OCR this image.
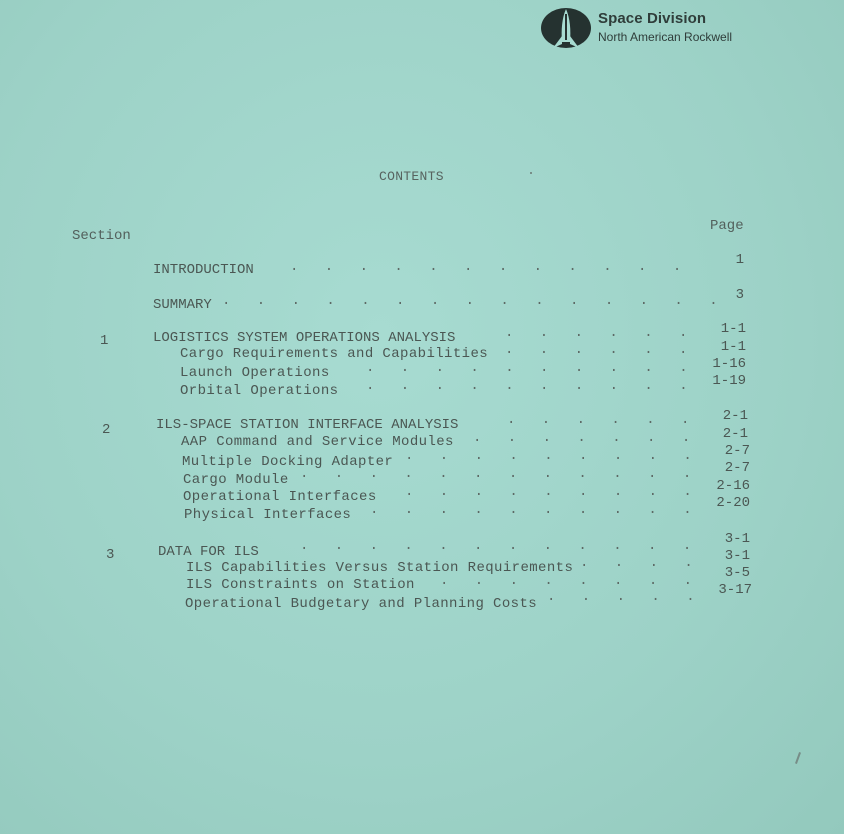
Space Division
North American Rockwell
CONTENTS
Section
Page
INTRODUCTION	. . . . . . . . . . . .	1
SUMMARY . . . . . . . . . . . . . . . 3
1	LOGISTICS SYSTEM OPERATIONS ANALYSIS	. . . . . .	1-1
Cargo Requirements and Capabilities . . . . . .	1-1
Launch Operations	. . . . . . . . . .	1-16
Orbital Operations . . . . . . . . . .	1-19
2	ILS-SPACE STATION INTERFACE ANALYSIS	. . . . . .	2-1
AAP Command and Service Modules . . . . . . .	2-1
Multiple Docking Adapter . . . . . . . . .	2-7
Cargo Module . . . . . . . . . . . .	2-7
Operational Interfaces . . . . . . . . .	2-16
Physical Interfaces . . . . . . . . . .	2-20
3	DATA FOR ILS	. . . . . . . . . . . .	3-1
ILS Capabilities Versus Station Requirements . . . .	3-1
ILS Constraints on Station . . . . . . . .	3-5
Operational Budgetary and Planning Costs . . . . .	3-17
